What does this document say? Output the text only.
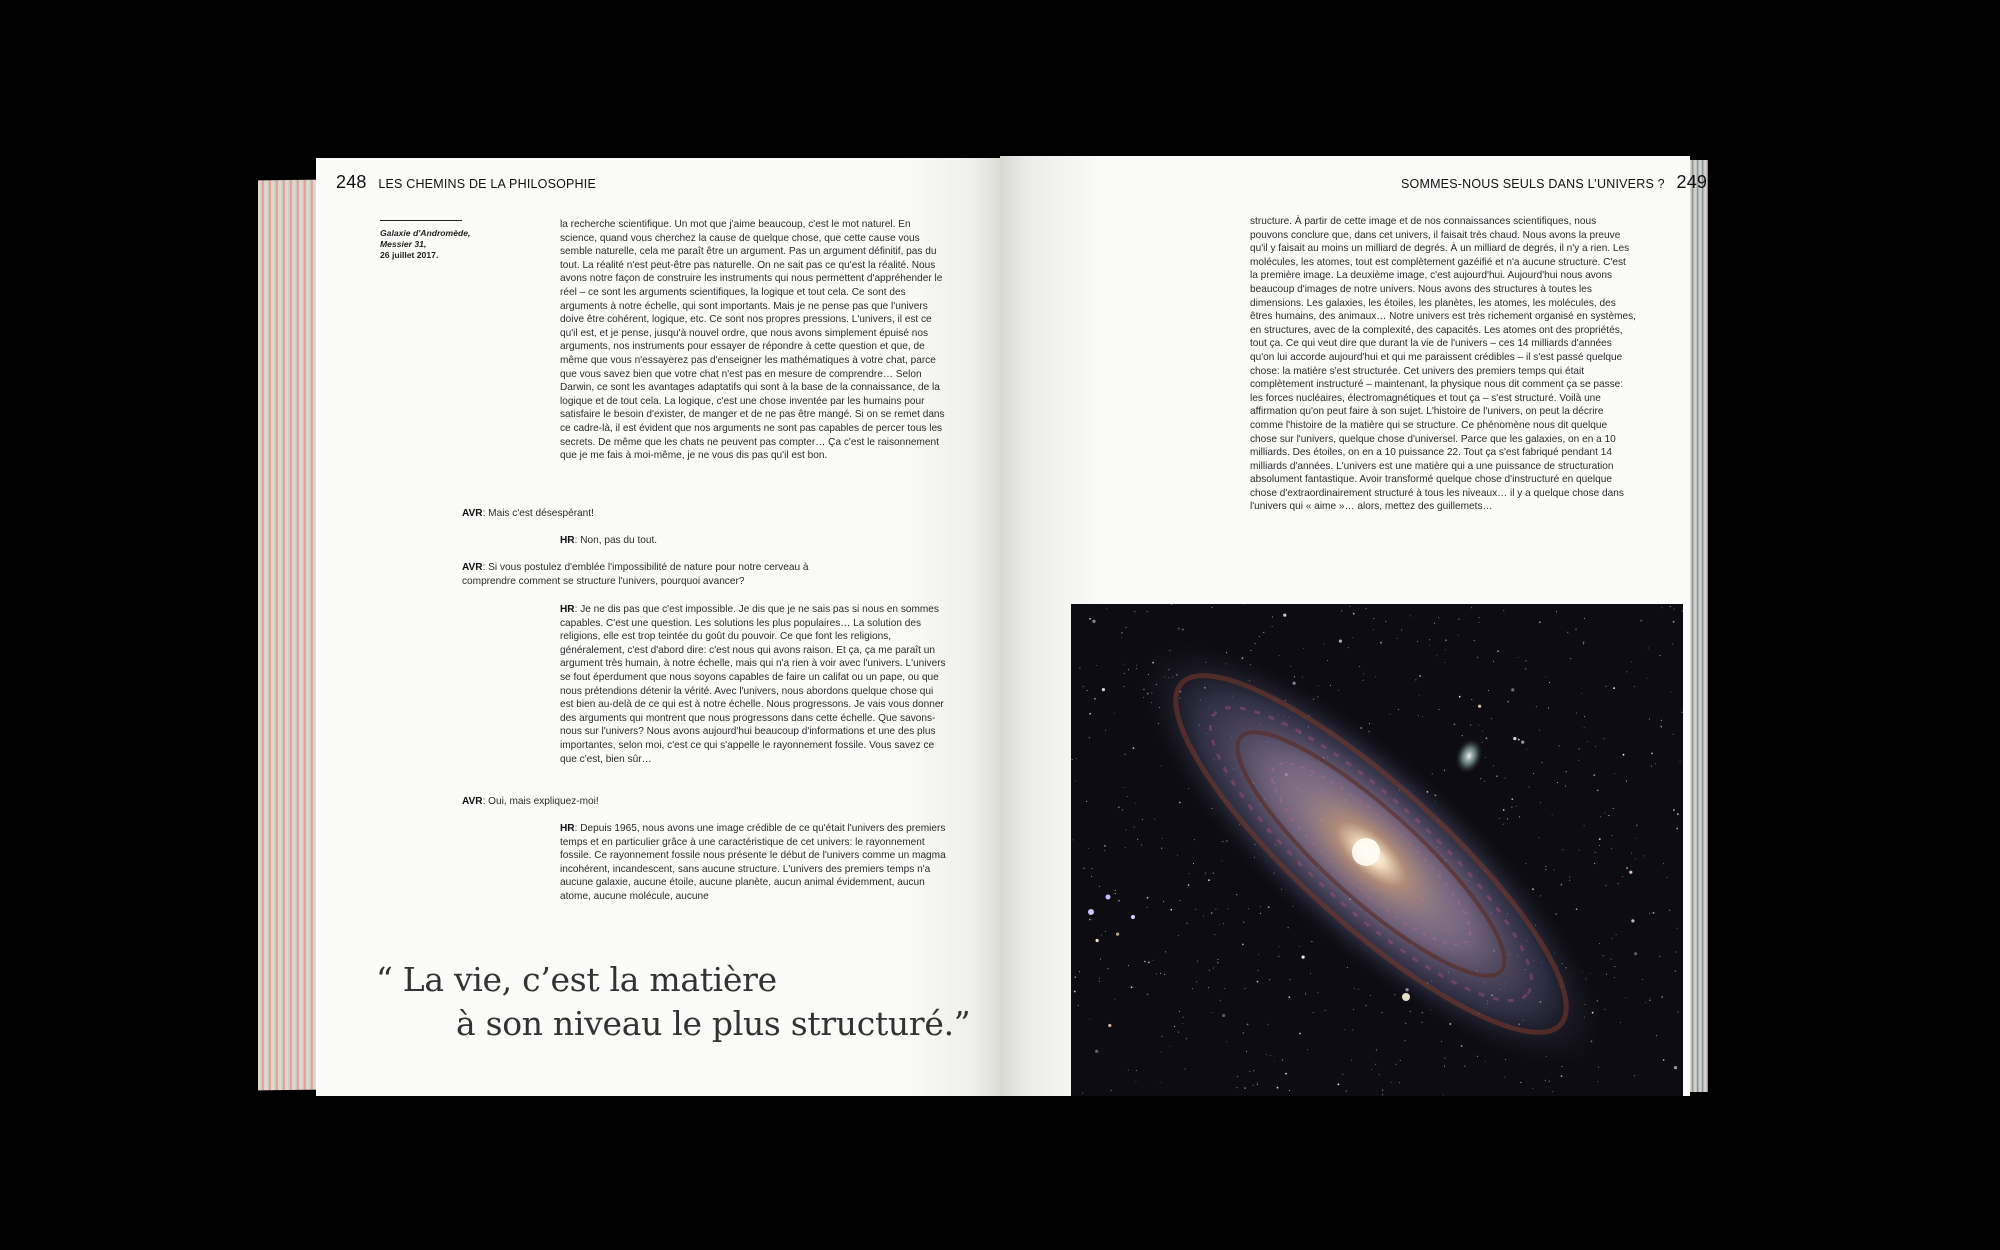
248 LES CHEMINS DE LA PHILOSOPHIE
Galaxie d'Andromède,
Messier 31,
26 juillet 2017.

la recherche scientifique. Un mot que j'aime beaucoup, c'est le mot naturel. En science, quand vous cherchez la cause de quelque chose, que cette cause vous semble naturelle, cela me paraît être un argument. Pas un argument définitif, pas du tout. La réalité n'est peut-être pas naturelle. On ne sait pas ce qu'est la réalité. Nous avons notre façon de construire les instruments qui nous permettent d'appréhender le réel – ce sont les arguments scientifiques, la logique et tout cela. Ce sont des arguments à notre échelle, qui sont importants. Mais je ne pense pas que l'univers doive être cohérent, logique, etc. Ce sont nos propres pressions. L'univers, il est ce qu'il est, et je pense, jusqu'à nouvel ordre, que nous avons simplement épuisé nos arguments, nos instruments pour essayer de répondre à cette question et que, de même que vous n'essayerez pas d'enseigner les mathématiques à votre chat, parce que vous savez bien que votre chat n'est pas en mesure de comprendre… Selon Darwin, ce sont les avantages adaptatifs qui sont à la base de la connaissance, de la logique et de tout cela. La logique, c'est une chose inventée par les humains pour satisfaire le besoin d'exister, de manger et de ne pas être mangé. Si on se remet dans ce cadre-là, il est évident que nos arguments ne sont pas capables de percer tous les secrets. De même que les chats ne peuvent pas compter… Ça c'est le raisonnement que je me fais à moi-même, je ne vous dis pas qu'il est bon.

AVR: Mais c'est désespérant!
HR: Non, pas du tout.
AVR: Si vous postulez d'emblée l'impossibilité de nature pour notre cerveau à comprendre comment se structure l'univers, pourquoi avancer?
HR: Je ne dis pas que c'est impossible. Je dis que je ne sais pas si nous en sommes capables. C'est une question. Les solutions les plus populaires… La solution des religions, elle est trop teintée du goût du pouvoir. Ce que font les religions, généralement, c'est d'abord dire: c'est nous qui avons raison. Et ça, ça me paraît un argument très humain, à notre échelle, mais qui n'a rien à voir avec l'univers. L'univers se fout éperdument que nous soyons capables de faire un califat ou un pape, ou que nous prétendions détenir la vérité. Avec l'univers, nous abordons quelque chose qui est bien au-delà de ce qui est à notre échelle. Nous progressons. Je vais vous donner des arguments qui montrent que nous progressons dans cette échelle. Que savons-nous sur l'univers? Nous avons aujourd'hui beaucoup d'informations et une des plus importantes, selon moi, c'est ce qui s'appelle le rayonnement fossile. Vous savez ce que c'est, bien sûr…
AVR: Oui, mais expliquez-moi!
HR: Depuis 1965, nous avons une image crédible de ce qu'était l'univers des premiers temps et en particulier grâce à une caractéristique de cet univers: le rayonnement fossile. Ce rayonnement fossile nous présente le début de l'univers comme un magma incohérent, incandescent, sans aucune structure. L'univers des premiers temps n'a aucune galaxie, aucune étoile, aucune planète, aucun animal évidemment, aucun atome, aucune molécule, aucune
“ La vie, c’est la matière
à son niveau le plus structuré.”
SOMMES-NOUS SEULS DANS L’UNIVERS ? 249

structure. À partir de cette image et de nos connaissances scientifiques, nous pouvons conclure que, dans cet univers, il faisait très chaud. Nous avons la preuve qu'il y faisait au moins un milliard de degrés. À un milliard de degrés, il n'y a rien. Les molécules, les atomes, tout est complètement gazéifié et n'a aucune structure. C'est la première image. La deuxième image, c'est aujourd'hui. Aujourd'hui nous avons beaucoup d'images de notre univers. Nous avons des structures à toutes les dimensions. Les galaxies, les étoiles, les planètes, les atomes, les molécules, des êtres humains, des animaux… Notre univers est très richement organisé en systèmes, en structures, avec de la complexité, des capacités. Les atomes ont des propriétés, tout ça. Ce qui veut dire que durant la vie de l'univers – ces 14 milliards d'années qu'on lui accorde aujourd'hui et qui me paraissent crédibles – il s'est passé quelque chose: la matière s'est structurée. Cet univers des premiers temps qui était complètement instructuré – maintenant, la physique nous dit comment ça se passe: les forces nucléaires, électromagnétiques et tout ça – s'est structuré. Voilà une affirmation qu'on peut faire à son sujet. L'histoire de l'univers, on peut la décrire comme l'histoire de la matière qui se structure. Ce phénomène nous dit quelque chose sur l'univers, quelque chose d'universel. Parce que les galaxies, on en a 10 milliards. Des étoiles, on en a 10 puissance 22. Tout ça s'est fabriqué pendant 14 milliards d'années. L'univers est une matière qui a une puissance de structuration absolument fantastique. Avoir transformé quelque chose d'instructuré en quelque chose d'extraordinairement structuré à tous les niveaux… il y a quelque chose dans l'univers qui « aime »… alors, mettez des guillemets…
